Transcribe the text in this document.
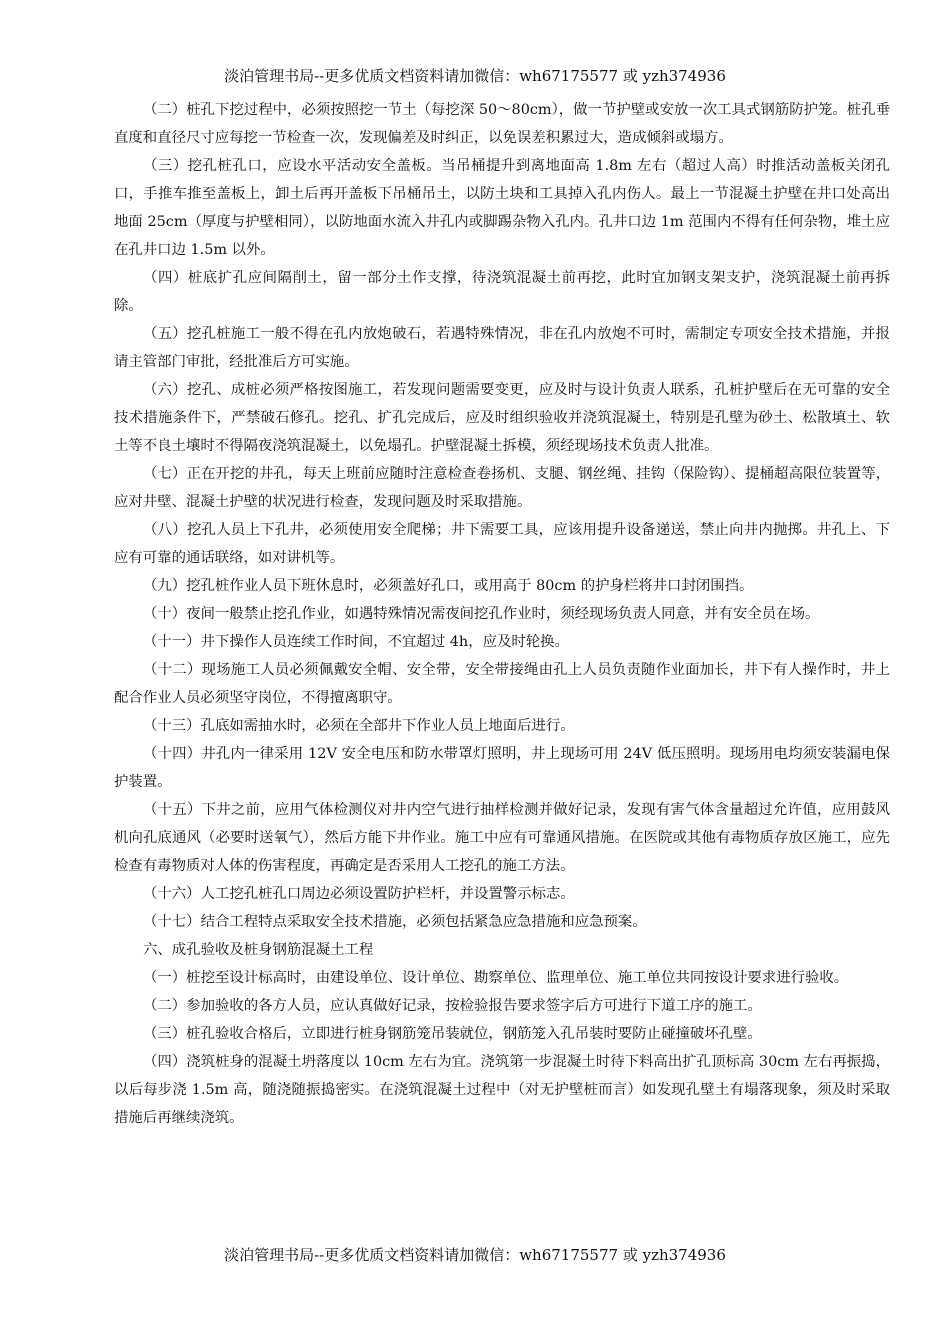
淡泊管理书局--更多优质文档资料请加微信：wh67175577 或 yzh374936

（二）桩孔下挖过程中，必须按照挖一节土（每挖深 50～80cm），做一节护壁或安放一次工具式钢筋防护笼。桩孔垂直度和直径尺寸应每挖一节检查一次，发现偏差及时纠正，以免误差积累过大，造成倾斜或塌方。

（三）挖孔桩孔口，应设水平活动安全盖板。当吊桶提升到离地面高 1.8m 左右（超过人高）时推活动盖板关闭孔口，手推车推至盖板上，卸土后再开盖板下吊桶吊土，以防土块和工具掉入孔内伤人。最上一节混凝土护壁在井口处高出地面 25cm（厚度与护壁相同），以防地面水流入井孔内或脚踢杂物入孔内。孔井口边 1m 范围内不得有任何杂物，堆土应在孔井口边 1.5m 以外。

（四）桩底扩孔应间隔削土，留一部分土作支撑，待浇筑混凝土前再挖，此时宜加钢支架支护，浇筑混凝土前再拆除。

（五）挖孔桩施工一般不得在孔内放炮破石，若遇特殊情况，非在孔内放炮不可时，需制定专项安全技术措施，并报请主管部门审批，经批准后方可实施。

（六）挖孔、成桩必须严格按图施工，若发现问题需要变更，应及时与设计负责人联系，孔桩护壁后在无可靠的安全技术措施条件下，严禁破石修孔。挖孔、扩孔完成后，应及时组织验收并浇筑混凝土，特别是孔壁为砂土、松散填土、软土等不良土壤时不得隔夜浇筑混凝土，以免塌孔。护壁混凝土拆模，须经现场技术负责人批准。

（七）正在开挖的井孔，每天上班前应随时注意检查卷扬机、支腿、钢丝绳、挂钩（保险钩）、提桶超高限位装置等，应对井壁、混凝土护壁的状况进行检查，发现问题及时采取措施。

（八）挖孔人员上下孔井，必须使用安全爬梯；井下需要工具，应该用提升设备递送，禁止向井内抛掷。井孔上、下应有可靠的通话联络，如对讲机等。

（九）挖孔桩作业人员下班休息时，必须盖好孔口，或用高于 80cm 的护身栏将井口封闭围挡。

（十）夜间一般禁止挖孔作业，如遇特殊情况需夜间挖孔作业时，须经现场负责人同意，并有安全员在场。

（十一）井下操作人员连续工作时间，不宜超过 4h，应及时轮换。

（十二）现场施工人员必须佩戴安全帽、安全带，安全带接绳由孔上人员负责随作业面加长，井下有人操作时，井上配合作业人员必须坚守岗位，不得擅离职守。

（十三）孔底如需抽水时，必须在全部井下作业人员上地面后进行。

（十四）井孔内一律采用 12V 安全电压和防水带罩灯照明，井上现场可用 24V 低压照明。现场用电均须安装漏电保护装置。

（十五）下井之前，应用气体检测仪对井内空气进行抽样检测并做好记录，发现有害气体含量超过允许值，应用鼓风机向孔底通风（必要时送氧气），然后方能下井作业。施工中应有可靠通风措施。在医院或其他有毒物质存放区施工，应先检查有毒物质对人体的伤害程度，再确定是否采用人工挖孔的施工方法。

（十六）人工挖孔桩孔口周边必须设置防护栏杆，并设置警示标志。

（十七）结合工程特点采取安全技术措施，必须包括紧急应急措施和应急预案。

六、成孔验收及桩身钢筋混凝土工程

（一）桩挖至设计标高时，由建设单位、设计单位、勘察单位、监理单位、施工单位共同按设计要求进行验收。

（二）参加验收的各方人员，应认真做好记录，按检验报告要求签字后方可进行下道工序的施工。

（三）桩孔验收合格后，立即进行桩身钢筋笼吊装就位，钢筋笼入孔吊装时要防止碰撞破坏孔壁。

（四）浇筑桩身的混凝土坍落度以 10cm 左右为宜。浇筑第一步混凝土时待下料高出扩孔顶标高 30cm 左右再振捣，以后每步浇 1.5m 高，随浇随振捣密实。在浇筑混凝土过程中（对无护壁桩而言）如发现孔壁土有塌落现象，须及时采取措施后再继续浇筑。

淡泊管理书局--更多优质文档资料请加微信：wh67175577 或 yzh374936
